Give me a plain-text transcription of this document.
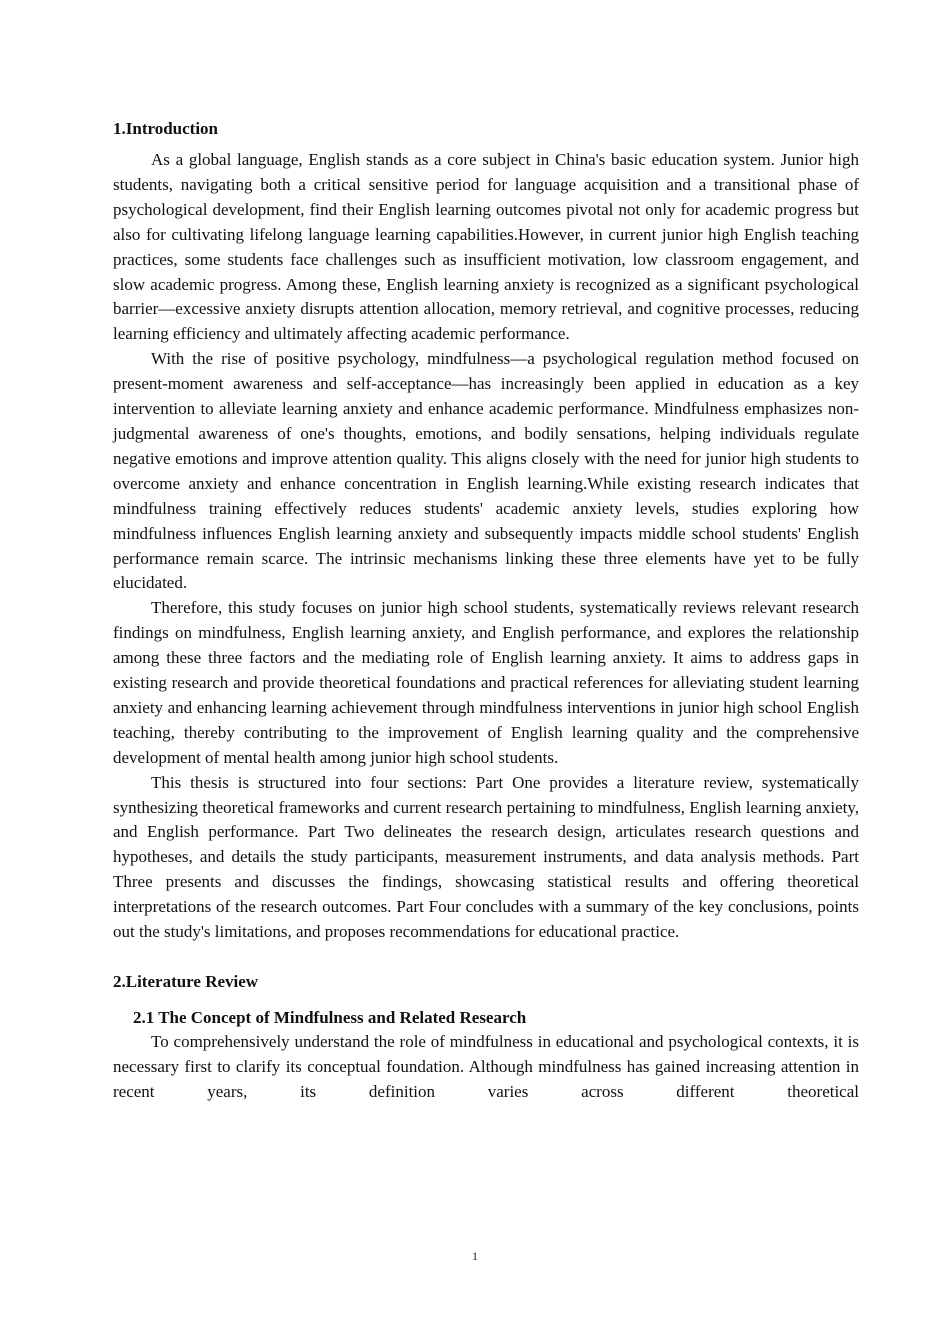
1.Introduction

As a global language, English stands as a core subject in China's basic education system. Junior high students, navigating both a critical sensitive period for language acquisition and a transitional phase of psychological development, find their English learning outcomes pivotal not only for academic progress but also for cultivating lifelong language learning capabilities.However, in current junior high English teaching practices, some students face challenges such as insufficient motivation, low classroom engagement, and slow academic progress. Among these, English learning anxiety is recognized as a significant psychological barrier—excessive anxiety disrupts attention allocation, memory retrieval, and cognitive processes, reducing learning efficiency and ultimately affecting academic performance.

With the rise of positive psychology, mindfulness—a psychological regulation method focused on present-moment awareness and self-acceptance—has increasingly been applied in education as a key intervention to alleviate learning anxiety and enhance academic performance. Mindfulness emphasizes non-judgmental awareness of one's thoughts, emotions, and bodily sensations, helping individuals regulate negative emotions and improve attention quality. This aligns closely with the need for junior high students to overcome anxiety and enhance concentration in English learning.While existing research indicates that mindfulness training effectively reduces students' academic anxiety levels, studies exploring how mindfulness influences English learning anxiety and subsequently impacts middle school students' English performance remain scarce. The intrinsic mechanisms linking these three elements have yet to be fully elucidated.

Therefore, this study focuses on junior high school students, systematically reviews relevant research findings on mindfulness, English learning anxiety, and English performance, and explores the relationship among these three factors and the mediating role of English learning anxiety. It aims to address gaps in existing research and provide theoretical foundations and practical references for alleviating student learning anxiety and enhancing learning achievement through mindfulness interventions in junior high school English teaching, thereby contributing to the improvement of English learning quality and the comprehensive development of mental health among junior high school students.

This thesis is structured into four sections: Part One provides a literature review, systematically synthesizing theoretical frameworks and current research pertaining to mindfulness, English learning anxiety, and English performance. Part Two delineates the research design, articulates research questions and hypotheses, and details the study participants, measurement instruments, and data analysis methods. Part Three presents and discusses the findings, showcasing statistical results and offering theoretical interpretations of the research outcomes. Part Four concludes with a summary of the key conclusions, points out the study's limitations, and proposes recommendations for educational practice.

2.Literature Review
2.1 The Concept of Mindfulness and Related Research

To comprehensively understand the role of mindfulness in educational and psychological contexts, it is necessary first to clarify its conceptual foundation. Although mindfulness has gained increasing attention in recent years, its definition varies across different theoretical

1
